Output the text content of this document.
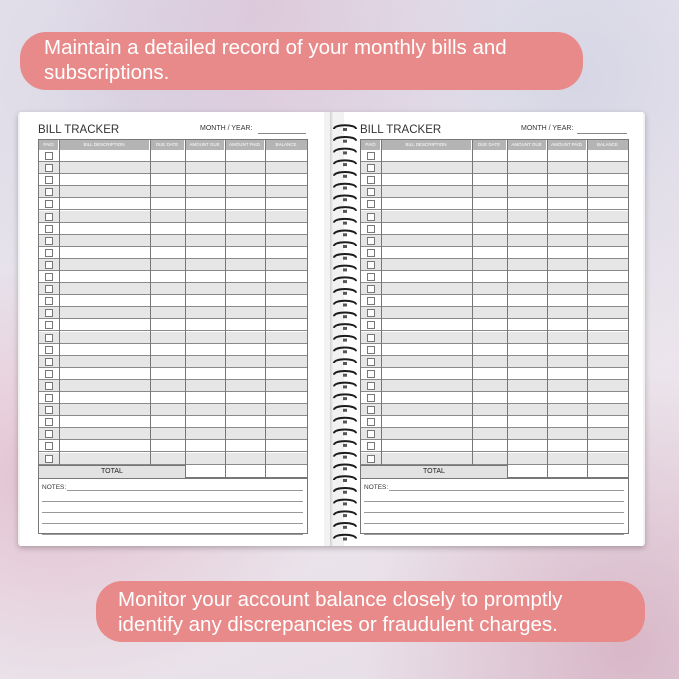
Maintain a detailed record of your monthly bills and
subscriptions.
BILL TRACKER	MONTH / YEAR:
PAID	BILL DESCRIPTION	DUE DATE	AMOUNT DUE	AMOUNT PAID	BALANCE
TOTAL
NOTES:
BILL TRACKER	MONTH / YEAR:
PAID	BILL DESCRIPTION	DUE DATE	AMOUNT DUE	AMOUNT PAID	BALANCE
TOTAL
NOTES:
Monitor your account balance closely to promptly
identify any discrepancies or fraudulent charges.
